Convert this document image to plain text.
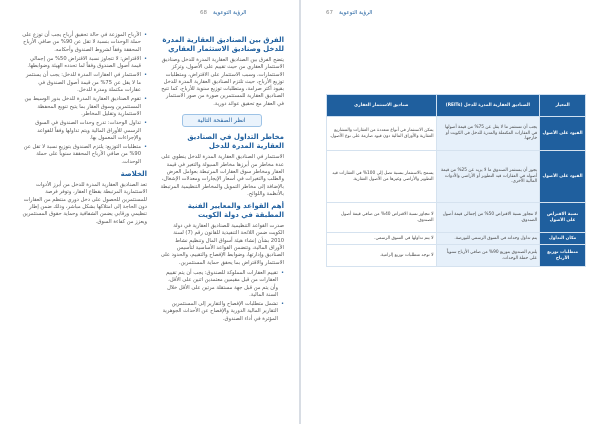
الرؤية التوعوية
68
الفرق بين الصناديق العقارية المدرة للدخل وصناديق الاستثمار العقاري

يتضح الفرق بين الصناديق العقارية المدرة للدخل وصناديق الاستثمار العقاري من حيث تقييم على الأصول، وتركز الاستثمارات، وسبب الاستثمار على الاقتراض، ومتطلبات توزيع الأرباح، حيث تلتزم الصناديق العقارية المدرة للدخل بقيود أكثر صرامة، ومتطلبات توزيع سنوية للأرباح، كما تتيح الصناديق العقارية للمستثمرين صورة من صور الاستثمار في العقار مع تحقيق عوائد دورية.

انظر الصفحة التالية
مخاطر التداول في الصناديق العقارية المدرة للدخل

الاستثمار في الصناديق العقارية المدرة للدخل ينطوي على عدة مخاطر من أبرزها مخاطر السيولة والتغير في قيمة العقار ومخاطر سوق العقارات المرتبطة بعوامل العرض والطلب والتغيرات في أسعار الإيجارات ومعدلات الإشغال، بالإضافة إلى مخاطر التمويل والمخاطر التنظيمية المرتبطة بالأنظمة واللوائح.

أهم القواعد والمعايير الفنية المطبقة في دولة الكويت

صدرت القواعد التنظيمية للصناديق العقارية في دولة الكويت ضمن اللائحة التنفيذية للقانون رقم (7) لسنة 2010 بشأن إنشاء هيئة أسواق المال وتنظيم نشاط الأوراق المالية، وتتضمن القواعد الأساسية لتأسيس الصناديق وإدارتها، وضوابط الإفصاح والتقييم، والحدود على الاستثمار والاقتراض بما يحقق حماية المستثمرين.

• تقييم العقارات المملوكة للصندوق: يجب أن يتم تقييم العقارات من قبل مقيمين معتمدين اثنين على الأقل، وأن يتم من قبل جهة مستقلة مرتين على الأقل خلال السنة المالية.
• تشمل متطلبات الإفصاح والتقارير إلى المستثمرين التقارير المالية الدورية والإفصاح عن الأحداث الجوهرية المؤثرة في أداء الصندوق.
• الأرباح الموزعة في حالة تحقيق أرباح يجب أن توزع على حملة الوحدات بنسبة لا تقل عن 90% من صافي الأرباح المحققة وفقاً لشروط الصندوق وأحكامه.
• الاقتراض: لا تتجاوز نسبة الاقتراض 50% من إجمالي قيمة أصول الصندوق وفقاً لما تحدده الهيئة وضوابطها.
• الاستثمار في العقارات المدرة للدخل: يجب أن يستثمر ما لا يقل عن 75% من قيمة أصول الصندوق في عقارات مكتملة ومدرة للدخل.
• تقوم الصناديق العقارية المدرة للدخل بدور الوسيط بين المستثمرين وسوق العقار بما يتيح تنويع المحفظة الاستثمارية وتقليل المخاطر.
• تداول الوحدات: تدرج وحدات الصندوق في السوق الرسمي للأوراق المالية ويتم تداولها وفقاً للقواعد والإجراءات المعمول بها.
• متطلبات التوزيع: يلتزم الصندوق بتوزيع نسبة لا تقل عن 90% من صافي الأرباح المحققة سنوياً على حملة الوحدات.
الخلاصة

تعد الصناديق العقارية المدرة للدخل من أبرز الأدوات الاستثمارية المرتبطة بقطاع العقار، وتوفر فرصة للمستثمرين للحصول على دخل دوري منتظم من العقارات دون الحاجة إلى امتلاكها بشكل مباشر، وذلك ضمن إطار تنظيمي ورقابي يضمن الشفافية وحماية حقوق المستثمرين ويعزز من كفاءة السوق.

الرؤية التوعوية
67
المعيار	الصناديق العقارية المدرة للدخل (REITs)	صناديق الاستثمار العقاري
القيود على الأصول	يجب أن تستثمر ما لا يقل عن 75% من قيمة أصولها في العقارات المكتملة والمدرة للدخل في الكويت أو خارجها.	يمكن الاستثمار في أنواع متعددة من العقارات والمشاريع العقارية والأوراق المالية دون قيود صارمة على نوع الأصول.
القيود على الأصول	يجوز أن يستثمر الصندوق ما لا يزيد عن 25% من قيمة أصوله في العقارات قيد التطوير أو الأراضي والأدوات المالية الأخرى.	يسمح بالاستثمار بنسبة تصل إلى 100% في العقارات قيد التطوير والأراضي وغيرها من الأصول العقارية.
نسبة الاقتراض على الأصول	لا تتجاوز نسبة الاقتراض 50% من إجمالي قيمة أصول الصندوق.	لا تتجاوز نسبة الاقتراض 40% من صافي قيمة أصول الصندوق.
مكان التداول	يتم تداول وحداته في السوق الرسمي للبورصة.	لا يتم تداولها في السوق الرسمي.
متطلبات توزيع الأرباح	يلتزم الصندوق بتوزيع 90% من صافي الأرباح سنوياً على حملة الوحدات.	لا توجد متطلبات توزيع إلزامية.
